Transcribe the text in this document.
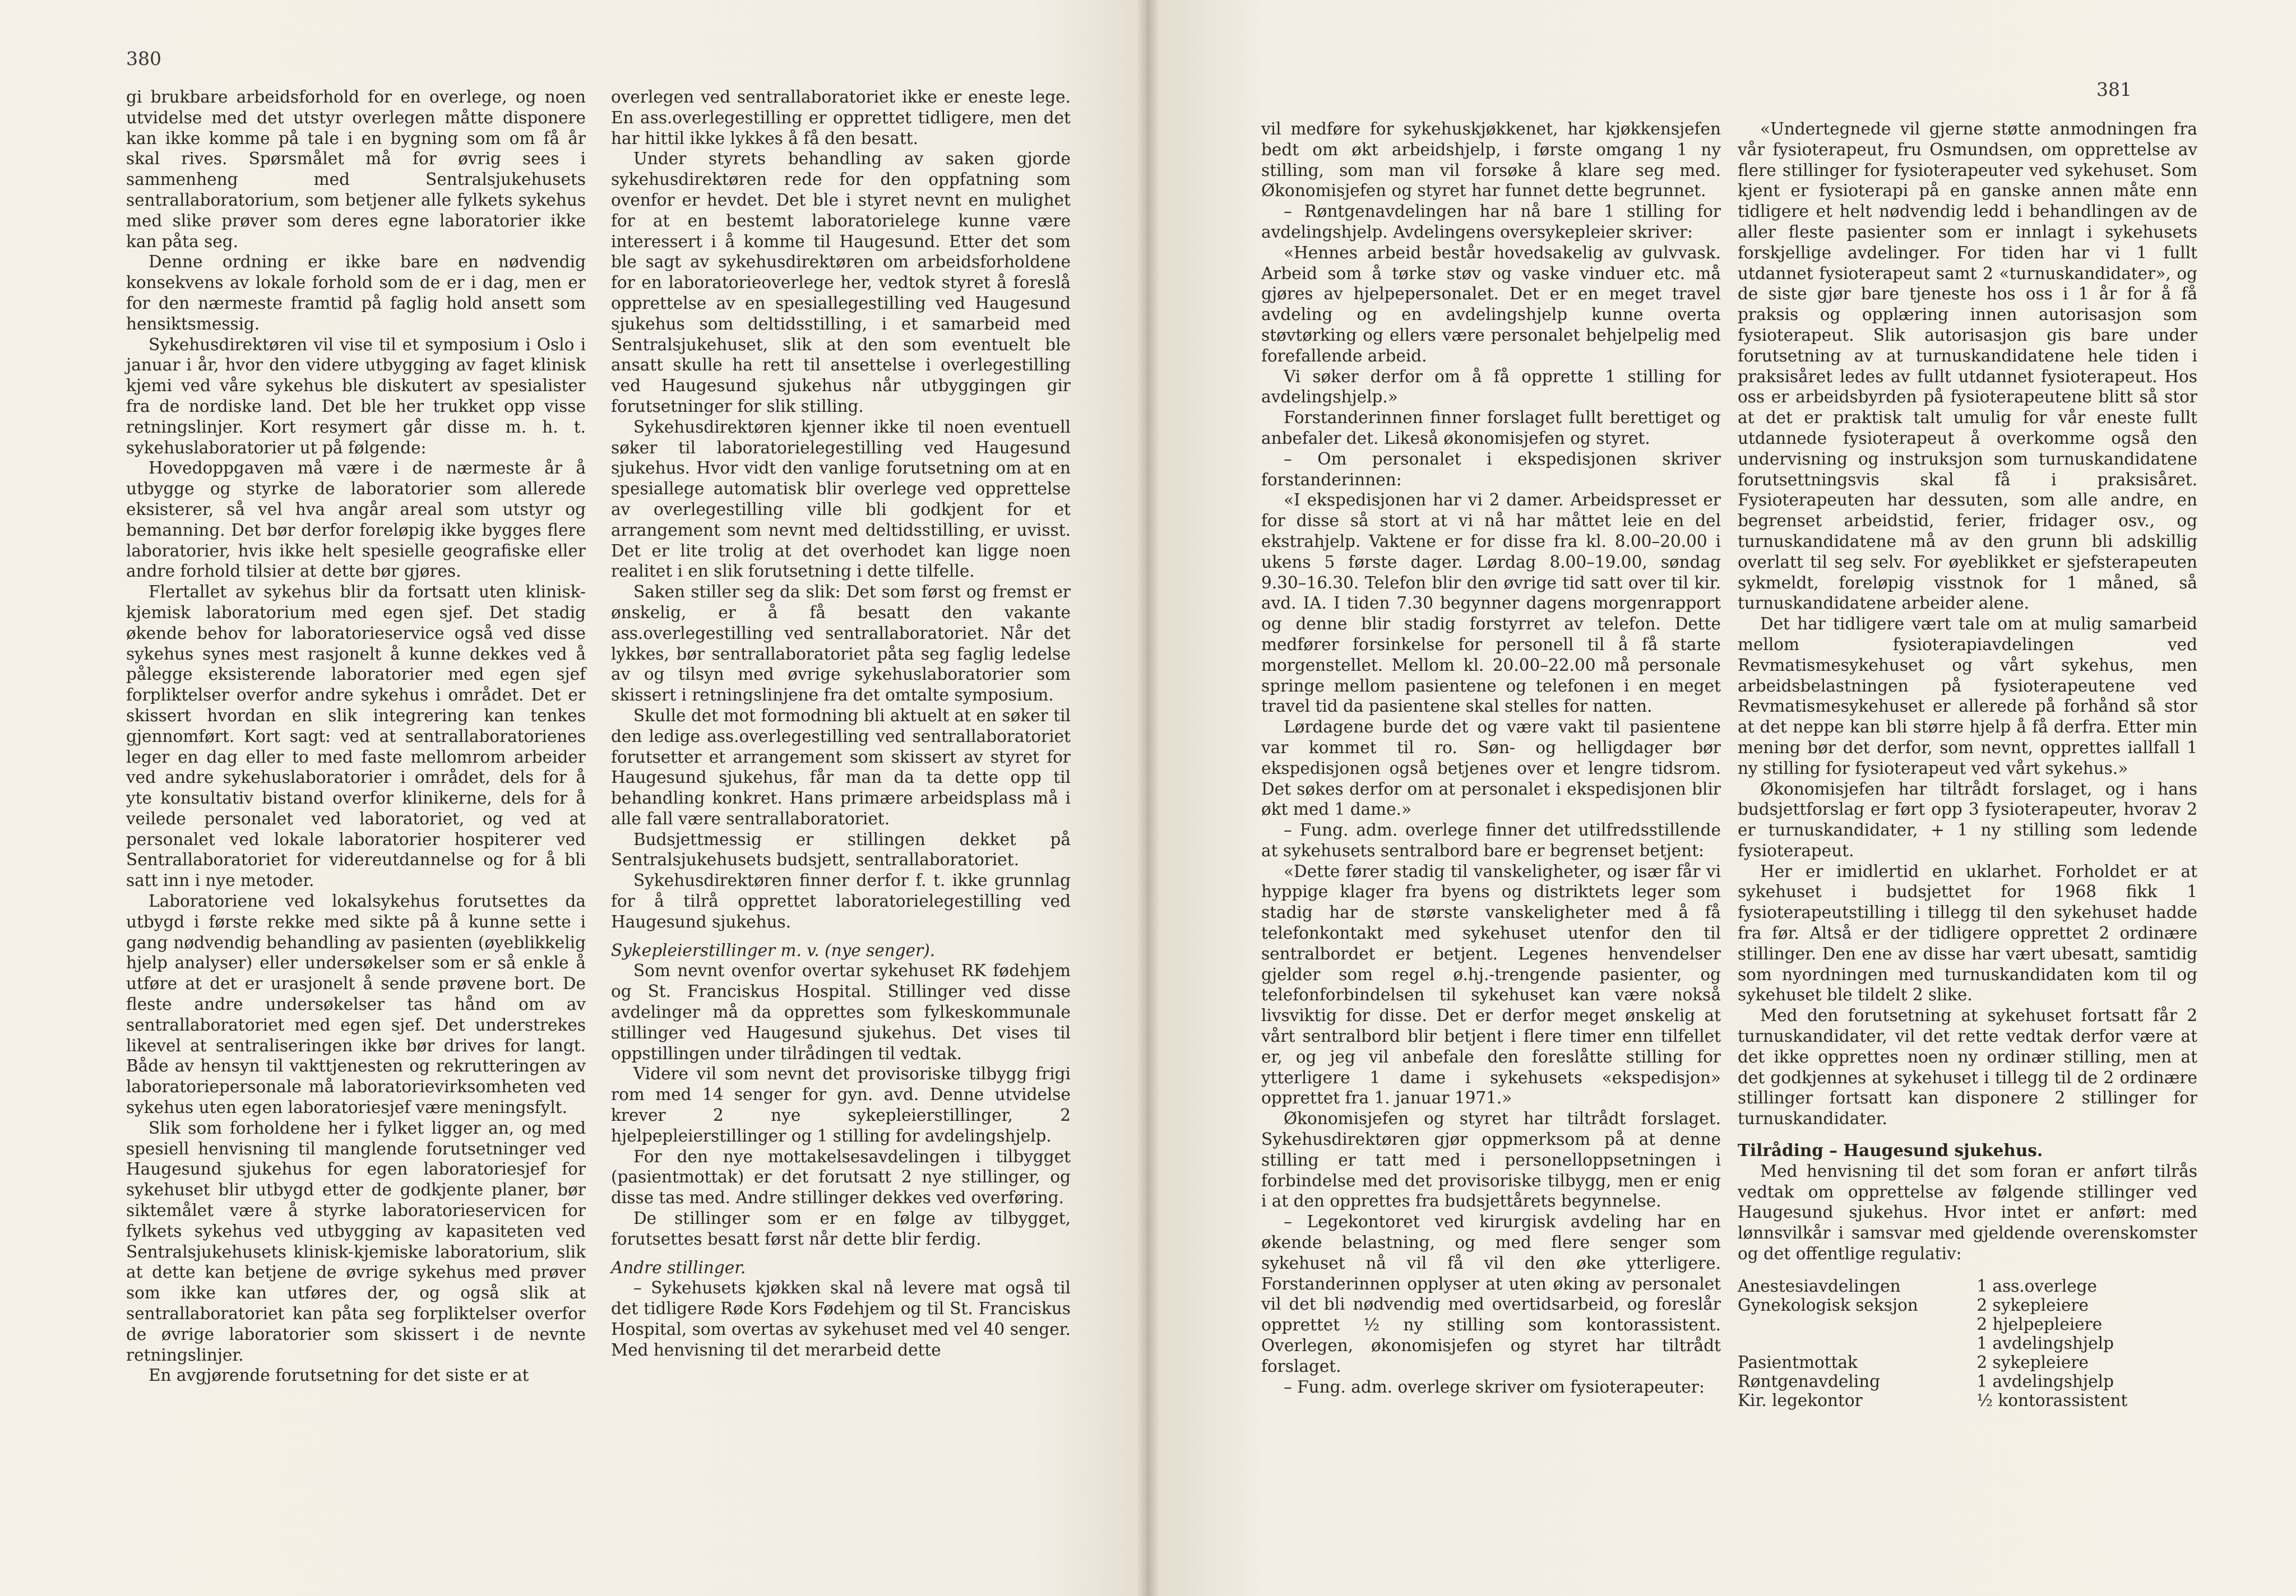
380

gi brukbare arbeidsforhold for en overlege, og noen utvidelse med det utstyr overlegen måtte disponere kan ikke komme på tale i en bygning som om få år skal rives. Spørsmålet må for øvrig sees i sammenheng med Sentralsjukehusets sentrallaboratorium, som betjener alle fylkets sykehus med slike prøver som deres egne laboratorier ikke kan påta seg.

Denne ordning er ikke bare en nødvendig konsekvens av lokale forhold som de er i dag, men er for den nærmeste framtid på faglig hold ansett som hensiktsmessig.

Sykehusdirektøren vil vise til et symposium i Oslo i januar i år, hvor den videre utbygging av faget klinisk kjemi ved våre sykehus ble diskutert av spesialister fra de nordiske land. Det ble her trukket opp visse retningslinjer. Kort resymert går disse m. h. t. sykehuslaboratorier ut på følgende:

Hovedoppgaven må være i de nærmeste år å utbygge og styrke de laboratorier som allerede eksisterer, så vel hva angår areal som utstyr og bemanning. Det bør derfor foreløpig ikke bygges flere laboratorier, hvis ikke helt spesielle geografiske eller andre forhold tilsier at dette bør gjøres.

Flertallet av sykehus blir da fortsatt uten klinisk-kjemisk laboratorium med egen sjef. Det stadig økende behov for laboratorieservice også ved disse sykehus synes mest rasjonelt å kunne dekkes ved å pålegge eksisterende laboratorier med egen sjef forpliktelser overfor andre sykehus i området. Det er skissert hvordan en slik integrering kan tenkes gjennomført. Kort sagt: ved at sentrallaboratorienes leger en dag eller to med faste mellomrom arbeider ved andre sykehuslaboratorier i området, dels for å yte konsultativ bistand overfor klinikerne, dels for å veilede personalet ved laboratoriet, og ved at personalet ved lokale laboratorier hospiterer ved Sentrallaboratoriet for videreutdannelse og for å bli satt inn i nye metoder.

Laboratoriene ved lokalsykehus forutsettes da utbygd i første rekke med sikte på å kunne sette i gang nødvendig behandling av pasienten (øyeblikkelig hjelp analyser) eller undersøkelser som er så enkle å utføre at det er urasjonelt å sende prøvene bort. De fleste andre undersøkelser tas hånd om av sentrallaboratoriet med egen sjef. Det understrekes likevel at sentraliseringen ikke bør drives for langt. Både av hensyn til vakttjenesten og rekrutteringen av laboratoriepersonale må laboratorievirksomheten ved sykehus uten egen laboratoriesjef være meningsfylt.

Slik som forholdene her i fylket ligger an, og med spesiell henvisning til manglende forutsetninger ved Haugesund sjukehus for egen laboratoriesjef for sykehuset blir utbygd etter de godkjente planer, bør siktemålet være å styrke laboratorieservicen for fylkets sykehus ved utbygging av kapasiteten ved Sentralsjukehusets klinisk-kjemiske laboratorium, slik at dette kan betjene de øvrige sykehus med prøver som ikke kan utføres der, og også slik at sentrallaboratoriet kan påta seg forpliktelser overfor de øvrige laboratorier som skissert i de nevnte retningslinjer.

En avgjørende forutsetning for det siste er at

overlegen ved sentrallaboratoriet ikke er eneste lege. En ass.overlegestilling er opprettet tidligere, men det har hittil ikke lykkes å få den besatt.

Under styrets behandling av saken gjorde sykehusdirektøren rede for den oppfatning som ovenfor er hevdet. Det ble i styret nevnt en mulighet for at en bestemt laboratorielege kunne være interessert i å komme til Haugesund. Etter det som ble sagt av sykehusdirektøren om arbeidsforholdene for en laboratorieoverlege her, vedtok styret å foreslå opprettelse av en spesiallegestilling ved Haugesund sjukehus som deltidsstilling, i et samarbeid med Sentralsjukehuset, slik at den som eventuelt ble ansatt skulle ha rett til ansettelse i overlegestilling ved Haugesund sjukehus når utbyggingen gir forutsetninger for slik stilling.

Sykehusdirektøren kjenner ikke til noen eventuell søker til laboratorielegestilling ved Haugesund sjukehus. Hvor vidt den vanlige forutsetning om at en spesiallege automatisk blir overlege ved opprettelse av overlegestilling ville bli godkjent for et arrangement som nevnt med deltidsstilling, er uvisst. Det er lite trolig at det overhodet kan ligge noen realitet i en slik forutsetning i dette tilfelle.

Saken stiller seg da slik: Det som først og fremst er ønskelig, er å få besatt den vakante ass.overlegestilling ved sentrallaboratoriet. Når det lykkes, bør sentrallaboratoriet påta seg faglig ledelse av og tilsyn med øvrige sykehuslaboratorier som skissert i retningslinjene fra det omtalte symposium.

Skulle det mot formodning bli aktuelt at en søker til den ledige ass.overlegestilling ved sentrallaboratoriet forutsetter et arrangement som skissert av styret for Haugesund sjukehus, får man da ta dette opp til behandling konkret. Hans primære arbeidsplass må i alle fall være sentrallaboratoriet.

Budsjettmessig er stillingen dekket på Sentralsjukehusets budsjett, sentrallaboratoriet.

Sykehusdirektøren finner derfor f. t. ikke grunnlag for å tilrå opprettet laboratorielegestilling ved Haugesund sjukehus.

Sykepleierstillinger m. v. (nye senger).

Som nevnt ovenfor overtar sykehuset RK fødehjem og St. Franciskus Hospital. Stillinger ved disse avdelinger må da opprettes som fylkeskommunale stillinger ved Haugesund sjukehus. Det vises til oppstillingen under tilrådingen til vedtak.

Videre vil som nevnt det provisoriske tilbygg frigi rom med 14 senger for gyn. avd. Denne utvidelse krever 2 nye sykepleierstillinger, 2 hjelpepleierstillinger og 1 stilling for avdelingshjelp.

For den nye mottakelsesavdelingen i tilbygget (pasientmottak) er det forutsatt 2 nye stillinger, og disse tas med. Andre stillinger dekkes ved overføring.

De stillinger som er en følge av tilbygget, forutsettes besatt først når dette blir ferdig.

Andre stillinger.

– Sykehusets kjøkken skal nå levere mat også til det tidligere Røde Kors Fødehjem og til St. Franciskus Hospital, som overtas av sykehuset med vel 40 senger. Med henvisning til det merarbeid dette

381

vil medføre for sykehuskjøkkenet, har kjøkkensjefen bedt om økt arbeidshjelp, i første omgang 1 ny stilling, som man vil forsøke å klare seg med. Økonomisjefen og styret har funnet dette begrunnet.

– Røntgenavdelingen har nå bare 1 stilling for avdelingshjelp. Avdelingens oversykepleier skriver:

«Hennes arbeid består hovedsakelig av gulvvask. Arbeid som å tørke støv og vaske vinduer etc. må gjøres av hjelpepersonalet. Det er en meget travel avdeling og en avdelingshjelp kunne overta støvtørking og ellers være personalet behjelpelig med forefallende arbeid.

Vi søker derfor om å få opprette 1 stilling for avdelingshjelp.»

Forstanderinnen finner forslaget fullt berettiget og anbefaler det. Likeså økonomisjefen og styret.

– Om personalet i ekspedisjonen skriver forstanderinnen:

«I ekspedisjonen har vi 2 damer. Arbeidspresset er for disse så stort at vi nå har måttet leie en del ekstrahjelp. Vaktene er for disse fra kl. 8.00–20.00 i ukens 5 første dager. Lørdag 8.00–19.00, søndag 9.30–16.30. Telefon blir den øvrige tid satt over til kir. avd. IA. I tiden 7.30 begynner dagens morgenrapport og denne blir stadig forstyrret av telefon. Dette medfører forsinkelse for personell til å få starte morgenstellet. Mellom kl. 20.00–22.00 må personale springe mellom pasientene og telefonen i en meget travel tid da pasientene skal stelles for natten.

Lørdagene burde det og være vakt til pasientene var kommet til ro. Søn- og helligdager bør ekspedisjonen også betjenes over et lengre tidsrom. Det søkes derfor om at personalet i ekspedisjonen blir økt med 1 dame.»

– Fung. adm. overlege finner det utilfredsstillende at sykehusets sentralbord bare er begrenset betjent:

«Dette fører stadig til vanskeligheter, og især får vi hyppige klager fra byens og distriktets leger som stadig har de største vanskeligheter med å få telefonkontakt med sykehuset utenfor den til sentralbordet er betjent. Legenes henvendelser gjelder som regel ø.hj.-trengende pasienter, og telefonforbindelsen til sykehuset kan være nokså livsviktig for disse. Det er derfor meget ønskelig at vårt sentralbord blir betjent i flere timer enn tilfellet er, og jeg vil anbefale den foreslåtte stilling for ytterligere 1 dame i sykehusets «ekspedisjon» opprettet fra 1. januar 1971.»

Økonomisjefen og styret har tiltrådt forslaget. Sykehusdirektøren gjør oppmerksom på at denne stilling er tatt med i personelloppsetningen i forbindelse med det provisoriske tilbygg, men er enig i at den opprettes fra budsjettårets begynnelse.

– Legekontoret ved kirurgisk avdeling har en økende belastning, og med flere senger som sykehuset nå vil få vil den øke ytterligere. Forstanderinnen opplyser at uten øking av personalet vil det bli nødvendig med overtidsarbeid, og foreslår opprettet ½ ny stilling som kontorassistent. Overlegen, økonomisjefen og styret har tiltrådt forslaget.

– Fung. adm. overlege skriver om fysioterapeuter:

«Undertegnede vil gjerne støtte anmodningen fra vår fysioterapeut, fru Osmundsen, om opprettelse av flere stillinger for fysioterapeuter ved sykehuset. Som kjent er fysioterapi på en ganske annen måte enn tidligere et helt nødvendig ledd i behandlingen av de aller fleste pasienter som er innlagt i sykehusets forskjellige avdelinger. For tiden har vi 1 fullt utdannet fysioterapeut samt 2 «turnuskandidater», og de siste gjør bare tjeneste hos oss i 1 år for å få praksis og opplæring innen autorisasjon som fysioterapeut. Slik autorisasjon gis bare under forutsetning av at turnuskandidatene hele tiden i praksisåret ledes av fullt utdannet fysioterapeut. Hos oss er arbeidsbyrden på fysioterapeutene blitt så stor at det er praktisk talt umulig for vår eneste fullt utdannede fysioterapeut å overkomme også den undervisning og instruksjon som turnuskandidatene forutsettningsvis skal få i praksisåret. Fysioterapeuten har dessuten, som alle andre, en begrenset arbeidstid, ferier, fridager osv., og turnuskandidatene må av den grunn bli adskillig overlatt til seg selv. For øyeblikket er sjefsterapeuten sykmeldt, foreløpig visstnok for 1 måned, så turnuskandidatene arbeider alene.

Det har tidligere vært tale om at mulig samarbeid mellom fysioterapiavdelingen ved Revmatismesykehuset og vårt sykehus, men arbeidsbelastningen på fysioterapeutene ved Revmatismesykehuset er allerede på forhånd så stor at det neppe kan bli større hjelp å få derfra. Etter min mening bør det derfor, som nevnt, opprettes iallfall 1 ny stilling for fysioterapeut ved vårt sykehus.»

Økonomisjefen har tiltrådt forslaget, og i hans budsjettforslag er ført opp 3 fysioterapeuter, hvorav 2 er turnuskandidater, + 1 ny stilling som ledende fysioterapeut.

Her er imidlertid en uklarhet. Forholdet er at sykehuset i budsjettet for 1968 fikk 1 fysioterapeutstilling i tillegg til den sykehuset hadde fra før. Altså er der tidligere opprettet 2 ordinære stillinger. Den ene av disse har vært ubesatt, samtidig som nyordningen med turnuskandidaten kom til og sykehuset ble tildelt 2 slike.

Med den forutsetning at sykehuset fortsatt får 2 turnuskandidater, vil det rette vedtak derfor være at det ikke opprettes noen ny ordinær stilling, men at det godkjennes at sykehuset i tillegg til de 2 ordinære stillinger fortsatt kan disponere 2 stillinger for turnuskandidater.

Tilråding – Haugesund sjukehus.

Med henvisning til det som foran er anført tilrås vedtak om opprettelse av følgende stillinger ved Haugesund sjukehus. Hvor intet er anført: med lønnsvilkår i samsvar med gjeldende overenskomster og det offentlige regulativ:

Anestesiavdelingen	1 ass.overlege
Gynekologisk seksjon	2 sykepleiere
	2 hjelpepleiere
	1 avdelingshjelp
Pasientmottak	2 sykepleiere
Røntgenavdeling	1 avdelingshjelp
Kir. legekontor	½ kontorassistent
